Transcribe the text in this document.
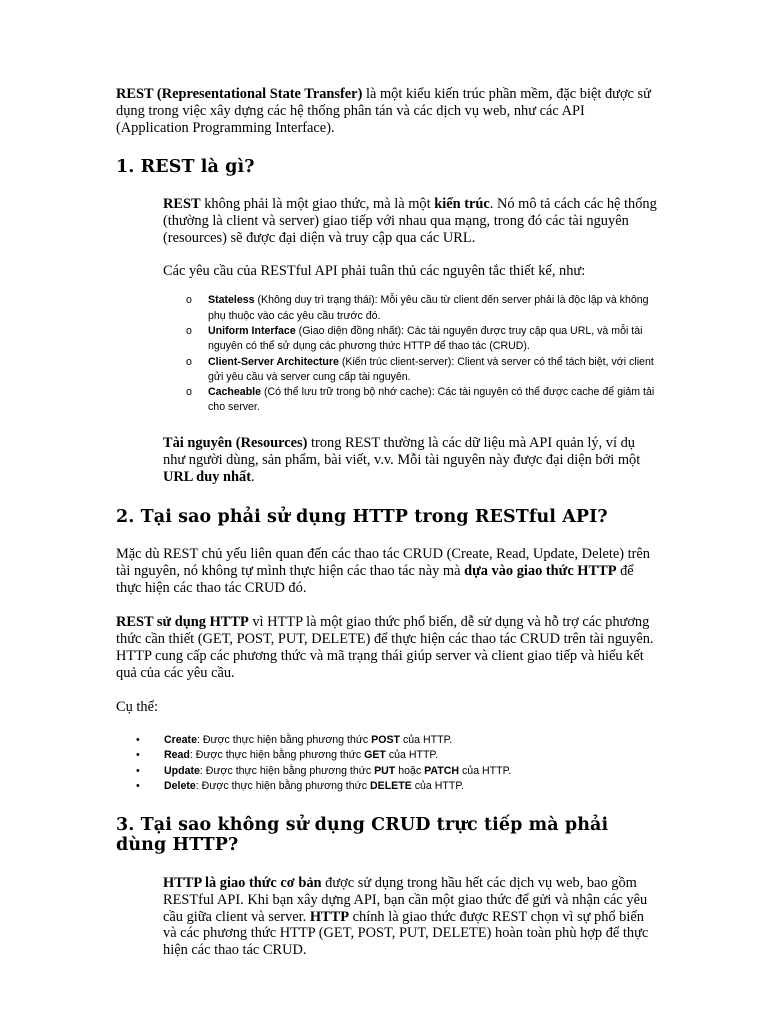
REST (Representational State Transfer) là một kiểu kiến trúc phần mềm, đặc biệt được sử dụng trong việc xây dựng các hệ thống phân tán và các dịch vụ web, như các API (Application Programming Interface).

1. REST là gì?

REST không phải là một giao thức, mà là một kiến trúc. Nó mô tả cách các hệ thống (thường là client và server) giao tiếp với nhau qua mạng, trong đó các tài nguyên (resources) sẽ được đại diện và truy cập qua các URL.

Các yêu cầu của RESTful API phải tuân thủ các nguyên tắc thiết kế, như:

o Stateless (Không duy trì trạng thái): Mỗi yêu cầu từ client đến server phải là độc lập và không phụ thuộc vào các yêu cầu trước đó.
o Uniform Interface (Giao diện đồng nhất): Các tài nguyên được truy cập qua URL, và mỗi tài nguyên có thể sử dụng các phương thức HTTP để thao tác (CRUD).
o Client-Server Architecture (Kiến trúc client-server): Client và server có thể tách biệt, với client gửi yêu cầu và server cung cấp tài nguyên.
o Cacheable (Có thể lưu trữ trong bộ nhớ cache): Các tài nguyên có thể được cache để giảm tải cho server.

Tài nguyên (Resources) trong REST thường là các dữ liệu mà API quản lý, ví dụ như người dùng, sản phẩm, bài viết, v.v. Mỗi tài nguyên này được đại diện bởi một URL duy nhất.

2. Tại sao phải sử dụng HTTP trong RESTful API?

Mặc dù REST chủ yếu liên quan đến các thao tác CRUD (Create, Read, Update, Delete) trên tài nguyên, nó không tự mình thực hiện các thao tác này mà dựa vào giao thức HTTP để thực hiện các thao tác CRUD đó.

REST sử dụng HTTP vì HTTP là một giao thức phổ biến, dễ sử dụng và hỗ trợ các phương thức cần thiết (GET, POST, PUT, DELETE) để thực hiện các thao tác CRUD trên tài nguyên. HTTP cung cấp các phương thức và mã trạng thái giúp server và client giao tiếp và hiểu kết quả của các yêu cầu.

Cụ thể:

• Create: Được thực hiện bằng phương thức POST của HTTP.
• Read: Được thực hiện bằng phương thức GET của HTTP.
• Update: Được thực hiện bằng phương thức PUT hoặc PATCH của HTTP.
• Delete: Được thực hiện bằng phương thức DELETE của HTTP.
3. Tại sao không sử dụng CRUD trực tiếp mà phải dùng HTTP?

HTTP là giao thức cơ bản được sử dụng trong hầu hết các dịch vụ web, bao gồm RESTful API. Khi bạn xây dựng API, bạn cần một giao thức để gửi và nhận các yêu cầu giữa client và server. HTTP chính là giao thức được REST chọn vì sự phổ biến và các phương thức HTTP (GET, POST, PUT, DELETE) hoàn toàn phù hợp để thực hiện các thao tác CRUD.
